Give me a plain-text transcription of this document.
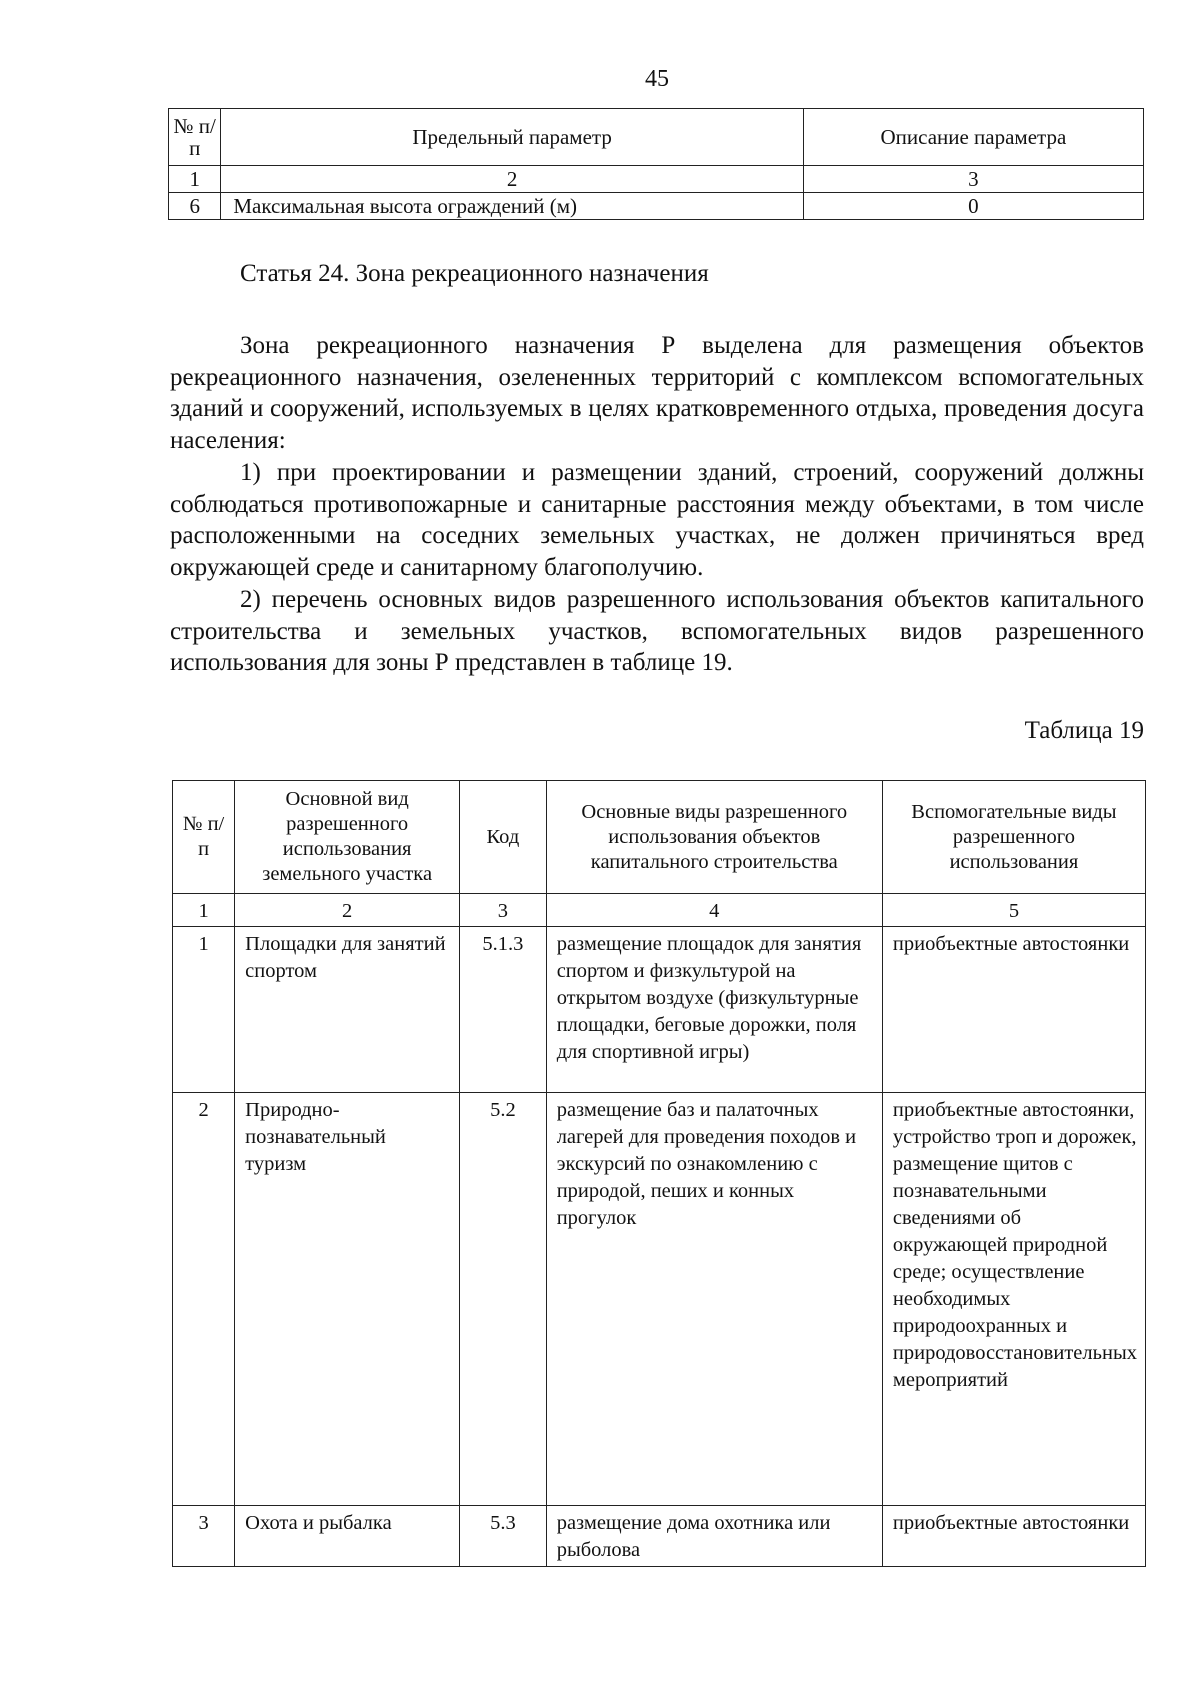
45
№ п/п	Предельный параметр	Описание параметра
1	2	3
6	Максимальная высота ограждений (м)	0
Статья 24. Зона рекреационного назначения

Зона рекреационного назначения Р выделена для размещения объектов рекреационного назначения, озелененных территорий с комплексом вспомогательных зданий и сооружений, используемых в целях кратковременного отдыха, проведения досуга населения:

1) при проектировании и размещении зданий, строений, сооружений должны соблюдаться противопожарные и санитарные расстояния между объектами, в том числе расположенными на соседних земельных участках, не должен причиняться вред окружающей среде и санитарному благополучию.

2) перечень основных видов разрешенного использования объектов капитального строительства и земельных участков, вспомогательных видов разрешенного использования для зоны Р представлен в таблице 19.

Таблица 19
№ п/п	Основной вид разрешенного использования земельного участка	Код	Основные виды разрешенного использования объектов капитального строительства	Вспомогательные виды разрешенного использования
1	2	3	4	5
1	Площадки для занятий спортом	5.1.3	размещение площадок для занятия спортом и физкультурой на открытом воздухе (физкультурные площадки, беговые дорожки, поля для спортивной игры)	приобъектные автостоянки
2	Природно-познавательный туризм	5.2	размещение баз и палаточных лагерей для проведения походов и экскурсий по ознакомлению с природой, пеших и конных прогулок	приобъектные автостоянки, устройство троп и дорожек, размещение щитов с познавательными сведениями об окружающей природной среде; осуществление необходимых природоохранных и природовосстановительных мероприятий
3	Охота и рыбалка	5.3	размещение дома охотника или рыболова	приобъектные автостоянки
